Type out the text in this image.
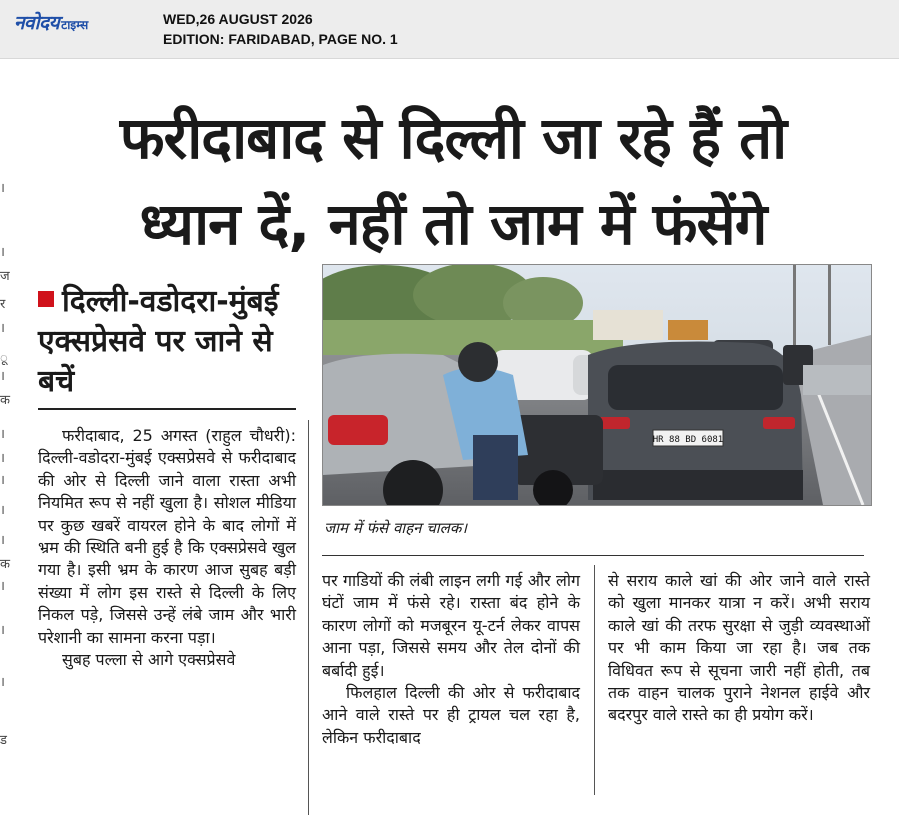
नवोदय टाइम्स	WED,26 AUGUST 2026
EDITION: FARIDABAD, PAGE NO. 1
।
।
ज
र
।
ू
।
क
।
।
।
।
।
क
।
।
।
ड
फरीदाबाद से दिल्ली जा रहे हैं तो
ध्यान दें, नहीं तो जाम में फंसेंगे
दिल्ली-वडोदरा-मुंबई एक्सप्रेसवे पर जाने से बचें
HR 88 BD 6081
जाम में फंसे वाहन चालक।

फरीदाबाद, 25 अगस्त (राहुल चौधरी): दिल्ली-वडोदरा-मुंबई एक्सप्रेसवे से फरीदाबाद की ओर से दिल्ली जाने वाला रास्ता अभी नियमित रूप से नहीं खुला है। सोशल मीडिया पर कुछ खबरें वायरल होने के बाद लोगों में भ्रम की स्थिति बनी हुई है कि एक्सप्रेसवे खुल गया है। इसी भ्रम के कारण आज सुबह बड़ी संख्या में लोग इस रास्ते से दिल्ली के लिए निकल पड़े, जिससे उन्हें लंबे जाम और भारी परेशानी का सामना करना पड़ा।

सुबह पल्ला से आगे एक्सप्रेसवे

पर गाडियों की लंबी लाइन लगी गई और लोग घंटों जाम में फंसे रहे। रास्ता बंद होने के कारण लोगों को मजबूरन यू-टर्न लेकर वापस आना पड़ा, जिससे समय और तेल दोनों की बर्बादी हुई।

फिलहाल दिल्ली की ओर से फरीदाबाद आने वाले रास्ते पर ही ट्रायल चल रहा है, लेकिन फरीदाबाद

से सराय काले खां की ओर जाने वाले रास्ते को खुला मानकर यात्रा न करें। अभी सराय काले खां की तरफ सुरक्षा से जुड़ी व्यवस्थाओं पर भी काम किया जा रहा है। जब तक विधिवत रूप से सूचना जारी नहीं होती, तब तक वाहन चालक पुराने नेशनल हाईवे और बदरपुर वाले रास्ते का ही प्रयोग करें।
